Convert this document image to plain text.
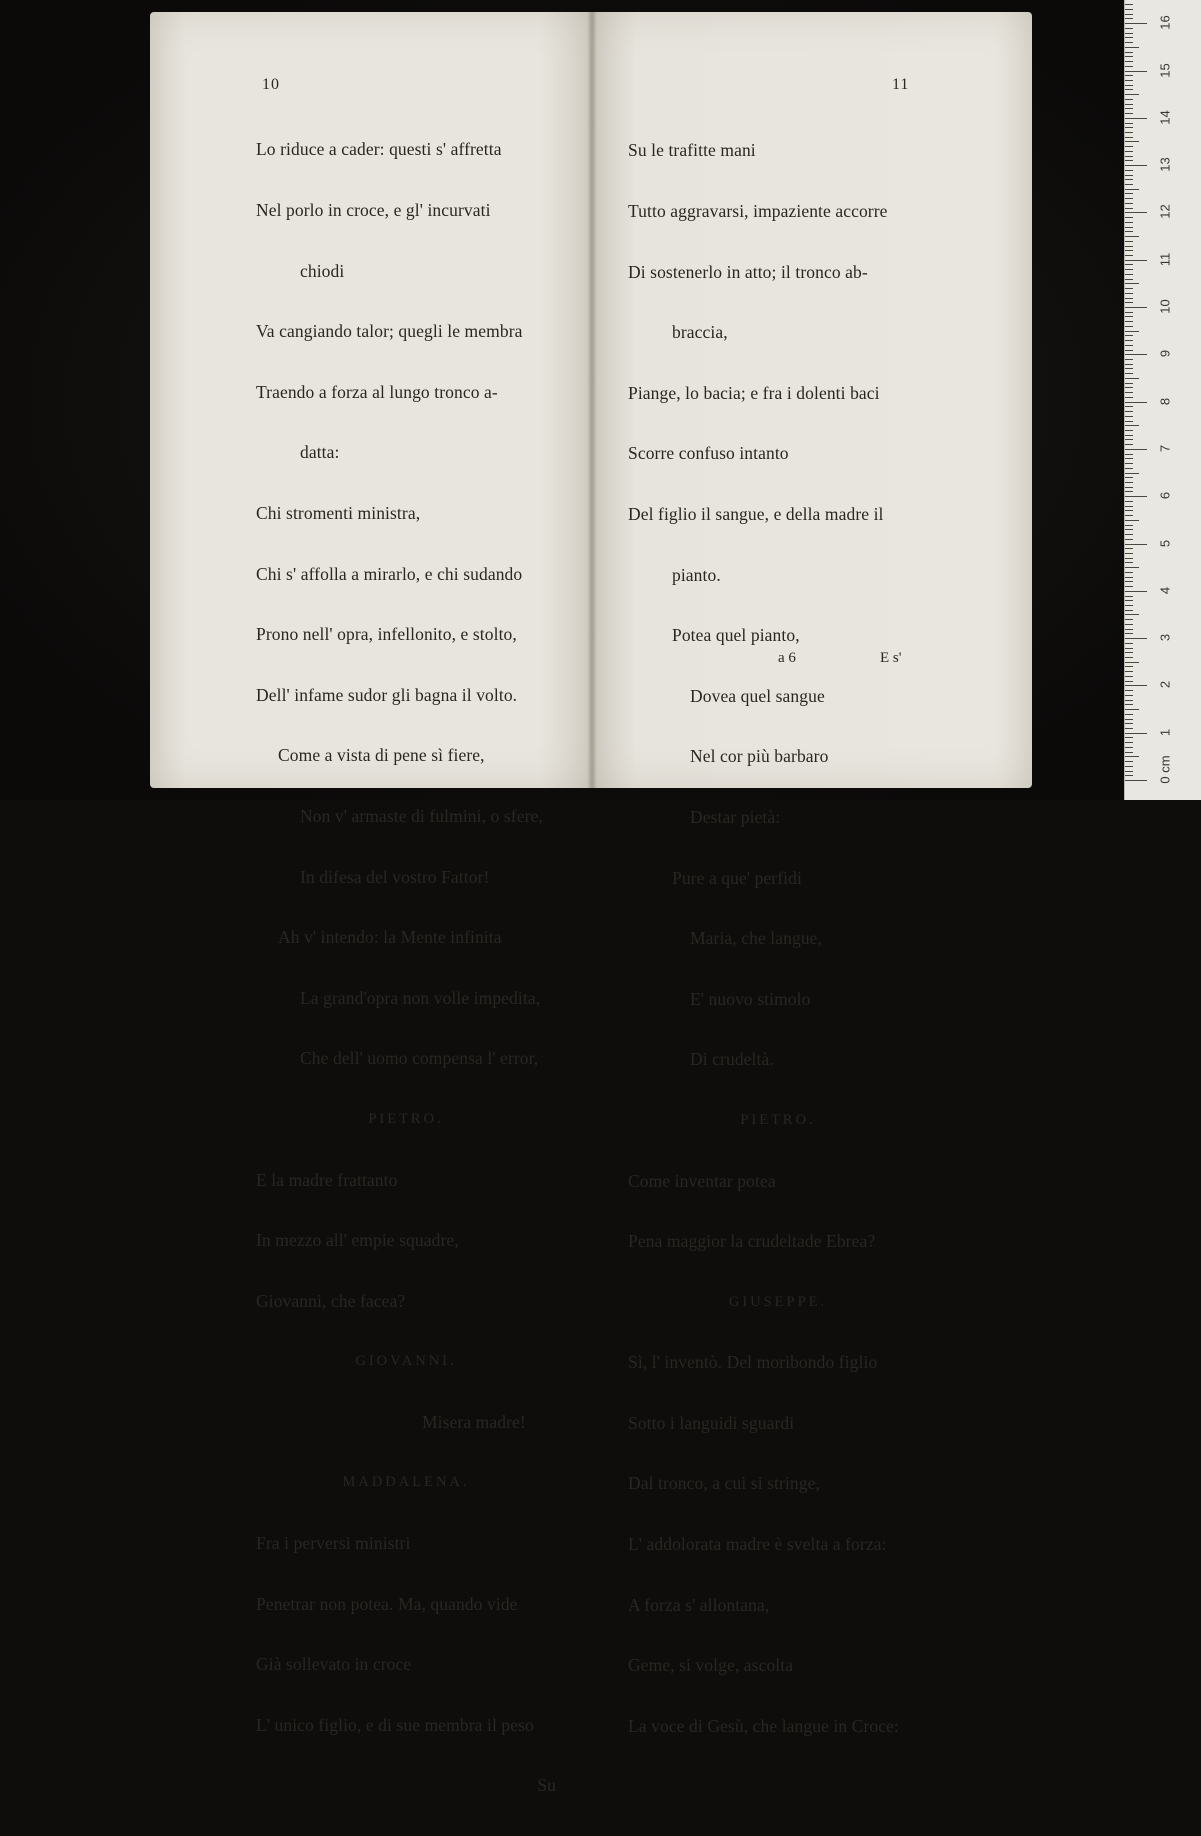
10

Lo riduce a cader: questi s' affretta

Nel porlo in croce, e gl' incurvati

chiodi

Va cangiando talor; quegli le membra

Traendo a forza al lungo tronco a-

datta:

Chi stromenti ministra,

Chi s' affolla a mirarlo, e chi sudando

Prono nell' opra, infellonito, e stolto,

Dell' infame sudor gli bagna il volto.

Come a vista di pene sì fiere,

Non v' armaste di fulmini, o sfere,

In difesa del vostro Fattor!

Ah v' intendo: la Mente infinita

La grand'opra non volle impedita,

Che dell' uomo compensa l' error,

PIETRO.

E la madre frattanto

In mezzo all' empie squadre,

Giovanni, che facea?

GIOVANNI.

Misera madre!

MADDALENA.

Fra i perversi ministri

Penetrar non potea. Ma, quando vide

Già sollevato in croce

L' unico figlio, e di sue membra il peso

Su

11

Su le trafitte mani

Tutto aggravarsi, impaziente accorre

Di sostenerlo in atto; il tronco ab-

braccia,

Piange, lo bacia; e fra i dolenti baci

Scorre confuso intanto

Del figlio il sangue, e della madre il

pianto.

Potea quel pianto,

Dovea quel sangue

Nel cor più barbaro

Destar pietà:

Pure a que' perfidi

Maria, che langue,

E' nuovo stimolo

Di crudeltà.

PIETRO.

Come inventar potea

Pena maggior la crudeltade Ebrea?

GIUSEPPE.

Sì, l' inventò. Del moribondo figlio

Sotto i languidi sguardi

Dal tronco, a cui si stringe,

L' addolorata madre è svelta a forza:

A forza s' allontana,

Geme, si volge, ascolta

La voce di Gesù, che langue in Croce:

a 6	E s'
0 cm
1
2
3
4
5
6
7
8
9
10
11
12
13
14
15
16
